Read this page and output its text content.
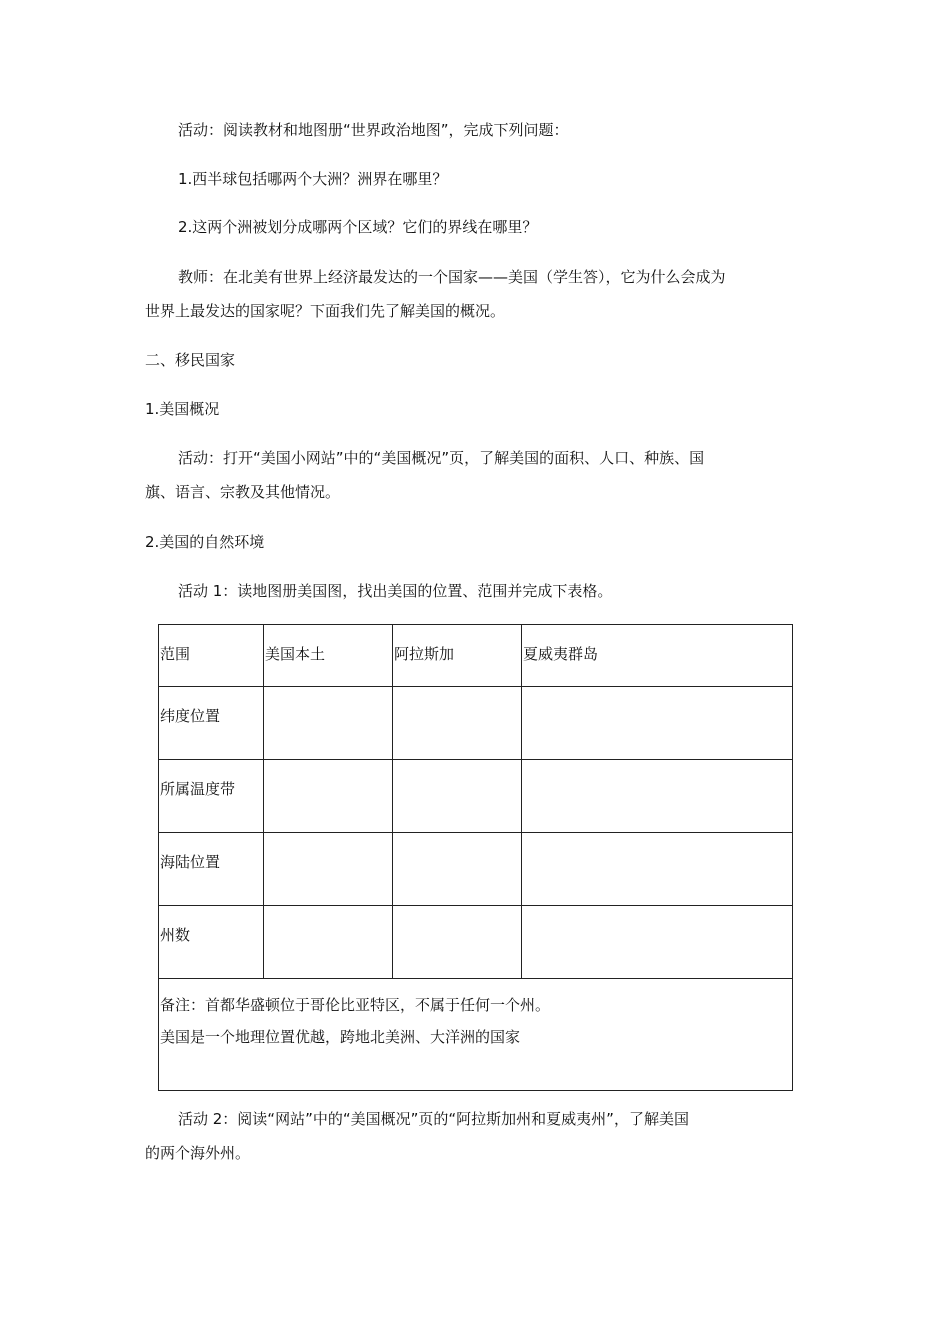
活动：阅读教材和地图册“世界政治地图”，完成下列问题：
1.西半球包括哪两个大洲？洲界在哪里？
2.这两个洲被划分成哪两个区域？它们的界线在哪里？
教师：在北美有世界上经济最发达的一个国家——美国（学生答），它为什么会成为
世界上最发达的国家呢？下面我们先了解美国的概况。
二、移民国家
1.美国概况
活动：打开“美国小网站”中的“美国概况”页，了解美国的面积、人口、种族、国
旗、语言、宗教及其他情况。
2.美国的自然环境
活动 1：读地图册美国图，找出美国的位置、范围并完成下表格。
范围	美国本土	阿拉斯加	夏威夷群岛
纬度位置			
所属温度带			
海陆位置			
州数			

备注：首都华盛顿位于哥伦比亚特区，不属于任何一个州。
美国是一个地理位置优越，跨地北美洲、大洋洲的国家			
活动 2：阅读“网站”中的“美国概况”页的“阿拉斯加州和夏威夷州”，了解美国
的两个海外州。
